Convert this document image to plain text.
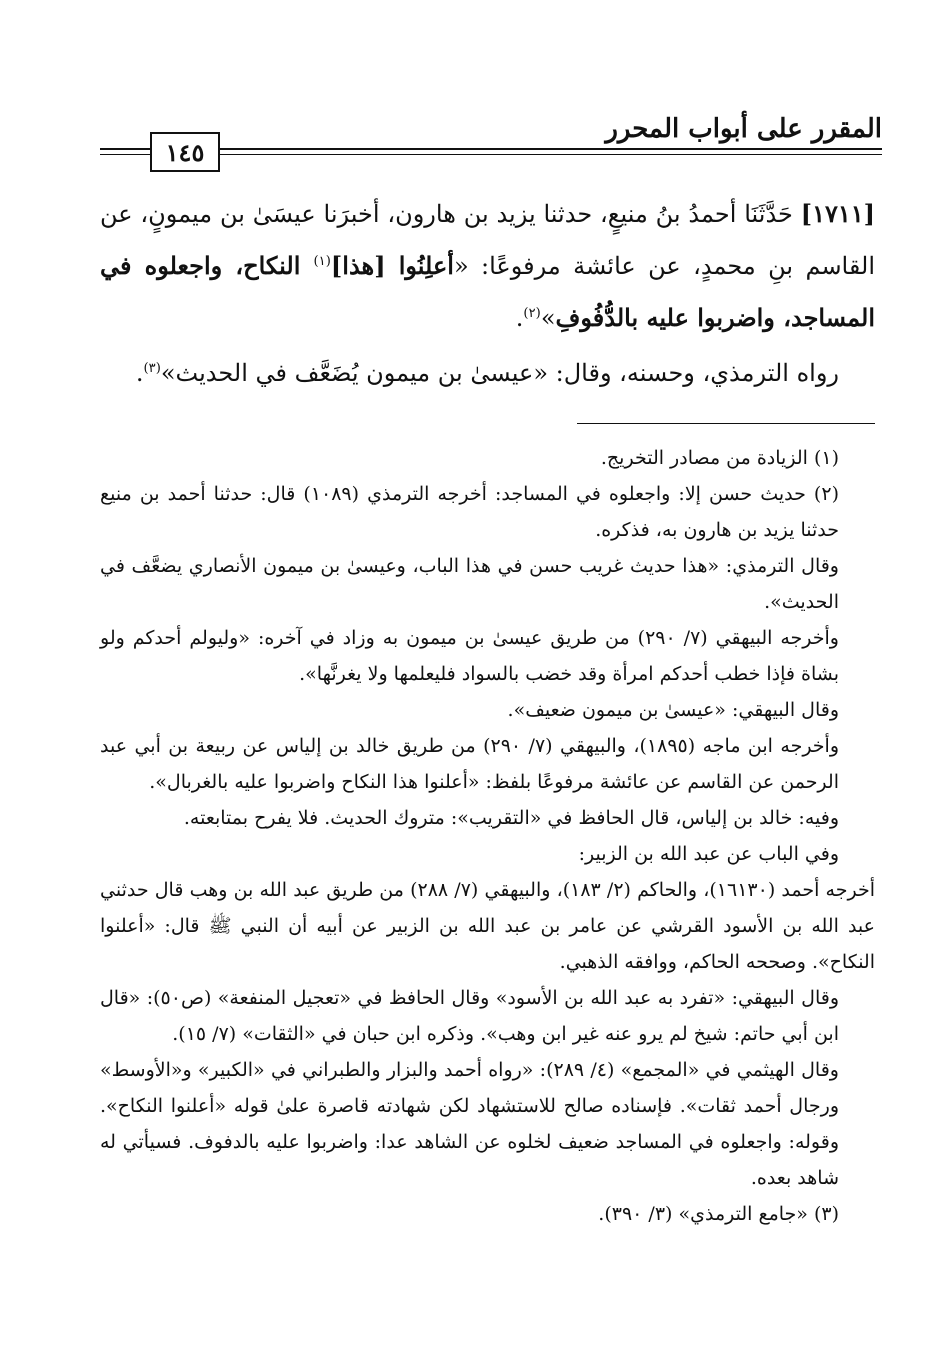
المقرر على أبواب المحرر
١٤٥

[١٧١١] حَدَّثَنَا أحمدُ بنُ منيعٍ، حدثنا يزيد بن هارون، أخبرَنا عيسَىٰ بن ميمونٍ، عن القاسم بنِ محمدٍ، عن عائشة مرفوعًا: «أعلِنُوا [هذا]$^{(١)}$ النكاح، واجعلوه في المساجد، واضربوا عليه بالدُّفُوفِ»$^{(٢)}$.

رواه الترمذي، وحسنه، وقال: «عيسىٰ بن ميمون يُضَعَّف في الحديث»$^{(٣)}$.

(١) الزيادة من مصادر التخريج.

(٢) حديث حسن إلا: واجعلوه في المساجد: أخرجه الترمذي (١٠٨٩) قال: حدثنا أحمد بن منيع حدثنا يزيد بن هارون به، فذكره.

وقال الترمذي: «هذا حديث غريب حسن في هذا الباب، وعيسىٰ بن ميمون الأنصاري يضعَّف في الحديث».

وأخرجه البيهقي (٧/ ٢٩٠) من طريق عيسىٰ بن ميمون به وزاد في آخره: «وليولم أحدكم ولو بشاة فإذا خطب أحدكم امرأة وقد خضب بالسواد فليعلمها ولا يغرنَّها».

وقال البيهقي: «عيسىٰ بن ميمون ضعيف».

وأخرجه ابن ماجه (١٨٩٥)، والبيهقي (٧/ ٢٩٠) من طريق خالد بن إلياس عن ربيعة بن أبي عبد الرحمن عن القاسم عن عائشة مرفوعًا بلفظ: «أعلنوا هذا النكاح واضربوا عليه بالغربال».

وفيه: خالد بن إلياس، قال الحافظ في «التقريب»: متروك الحديث. فلا يفرح بمتابعته.

وفي الباب عن عبد الله بن الزبير:

أخرجه أحمد (١٦١٣٠)، والحاكم (٢/ ١٨٣)، والبيهقي (٧/ ٢٨٨) من طريق عبد الله بن وهب قال حدثني عبد الله بن الأسود القرشي عن عامر بن عبد الله بن الزبير عن أبيه أن النبي ﷺ قال: «أعلنوا النكاح». وصححه الحاكم، ووافقه الذهبي.

وقال البيهقي: «تفرد به عبد الله بن الأسود» وقال الحافظ في «تعجيل المنفعة» (ص٥٠): «قال ابن أبي حاتم: شيخ لم يرو عنه غير ابن وهب». وذكره ابن حبان في «الثقات» (٧/ ١٥).

وقال الهيثمي في «المجمع» (٤/ ٢٨٩): «رواه أحمد والبزار والطبراني في «الكبير» و«الأوسط» ورجال أحمد ثقات». فإسناده صالح للاستشهاد لكن شهادته قاصرة علىٰ قوله «أعلنوا النكاح». وقوله: واجعلوه في المساجد ضعيف لخلوه عن الشاهد عدا: واضربوا عليه بالدفوف. فسيأتي له شاهد بعده.

(٣) «جامع الترمذي» (٣/ ٣٩٠).
